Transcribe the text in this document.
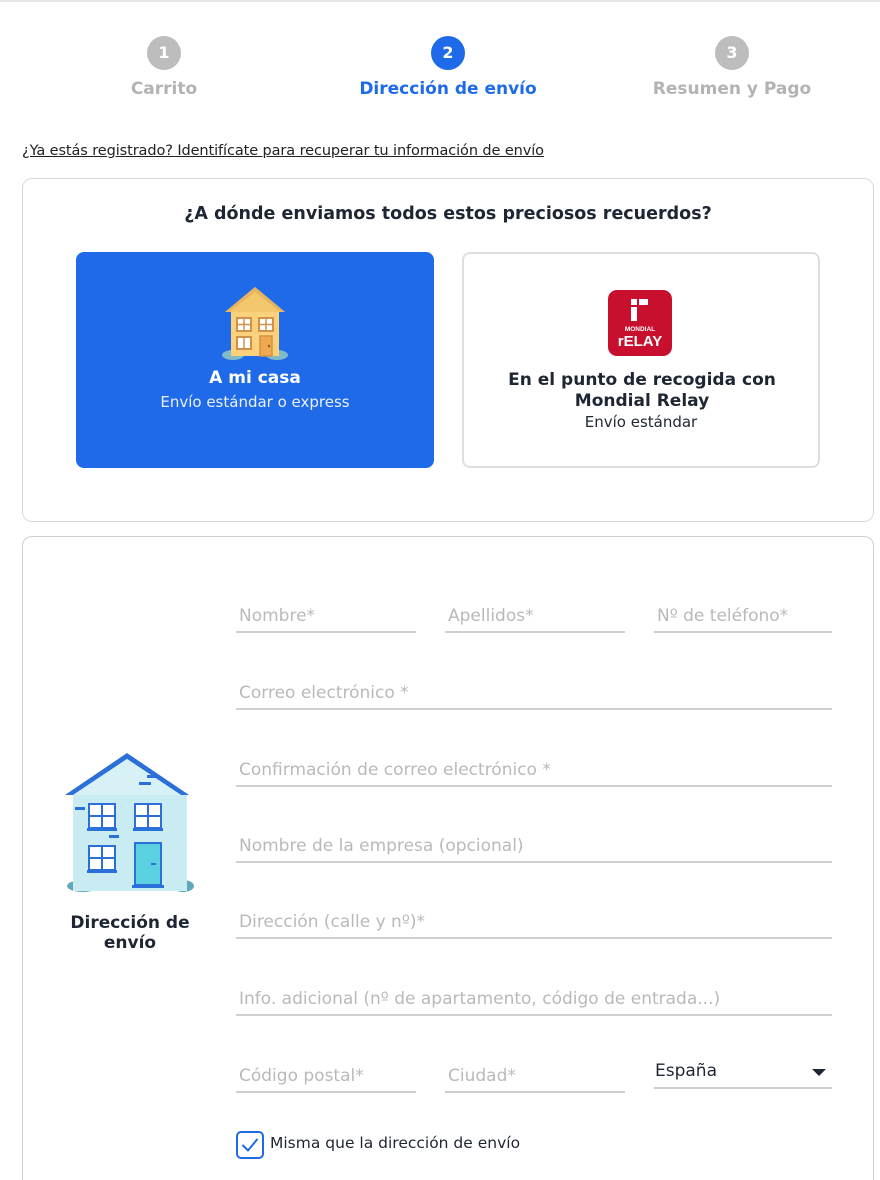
1
Carrito
2
Dirección de envío
3
Resumen y Pago
¿Ya estás registrado? Identifícate para recuperar tu información de envío
¿A dónde enviamos todos estos preciosos recuerdos?
A mi casa
Envío estándar o express
MONDIAL
rELAY
En el punto de recogida con Mondial Relay
Envío estándar
Dirección de envío
Nombre*
Apellidos*
Nº de teléfono*
Correo electrónico *
Confirmación de correo electrónico *
Nombre de la empresa (opcional)
Dirección (calle y nº)*
Info. adicional (nº de apartamento, código de entrada...)
Código postal*
Ciudad*
España
Misma que la dirección de envío
